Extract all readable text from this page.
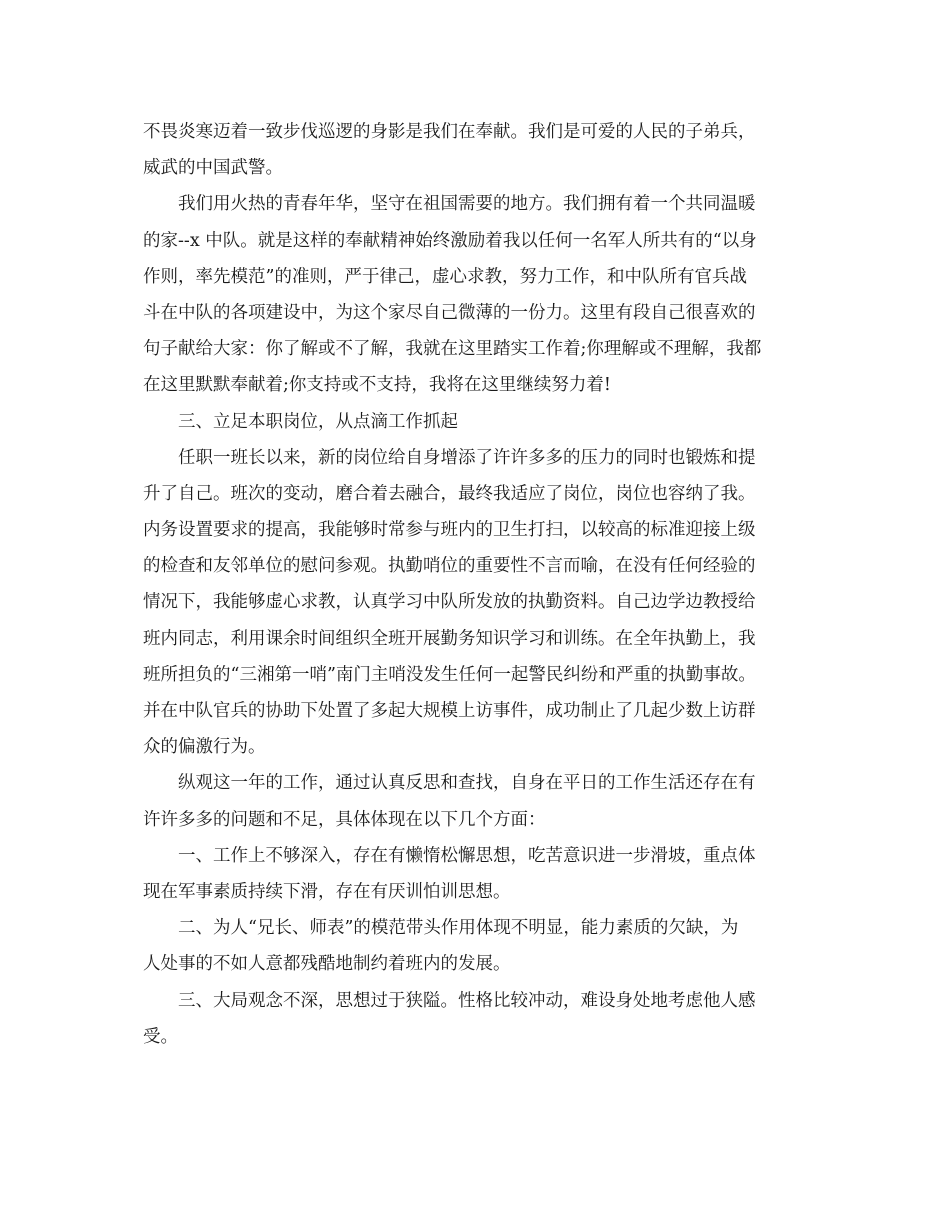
不畏炎寒迈着一致步伐巡逻的身影是我们在奉献。我们是可爱的人民的子弟兵，
威武的中国武警。
我们用火热的青春年华，坚守在祖国需要的地方。我们拥有着一个共同温暖
的家--x 中队。就是这样的奉献精神始终激励着我以任何一名军人所共有的“以身
作则，率先模范”的准则，严于律己，虚心求教，努力工作，和中队所有官兵战
斗在中队的各项建设中，为这个家尽自己微薄的一份力。这里有段自己很喜欢的
句子献给大家：你了解或不了解，我就在这里踏实工作着;你理解或不理解，我都
在这里默默奉献着;你支持或不支持，我将在这里继续努力着!
三、立足本职岗位，从点滴工作抓起
任职一班长以来，新的岗位给自身增添了许许多多的压力的同时也锻炼和提
升了自己。班次的变动，磨合着去融合，最终我适应了岗位，岗位也容纳了我。
内务设置要求的提高，我能够时常参与班内的卫生打扫，以较高的标准迎接上级
的检查和友邻单位的慰问参观。执勤哨位的重要性不言而喻，在没有任何经验的
情况下，我能够虚心求教，认真学习中队所发放的执勤资料。自己边学边教授给
班内同志，利用课余时间组织全班开展勤务知识学习和训练。在全年执勤上，我
班所担负的“三湘第一哨”南门主哨没发生任何一起警民纠纷和严重的执勤事故。
并在中队官兵的协助下处置了多起大规模上访事件，成功制止了几起少数上访群
众的偏激行为。
纵观这一年的工作，通过认真反思和查找，自身在平日的工作生活还存在有
许许多多的问题和不足，具体体现在以下几个方面：
一、工作上不够深入，存在有懒惰松懈思想，吃苦意识进一步滑坡，重点体
现在军事素质持续下滑，存在有厌训怕训思想。
二、为人“兄长、师表”的模范带头作用体现不明显，能力素质的欠缺，为
人处事的不如人意都残酷地制约着班内的发展。
三、大局观念不深，思想过于狭隘。性格比较冲动，难设身处地考虑他人感
受。
